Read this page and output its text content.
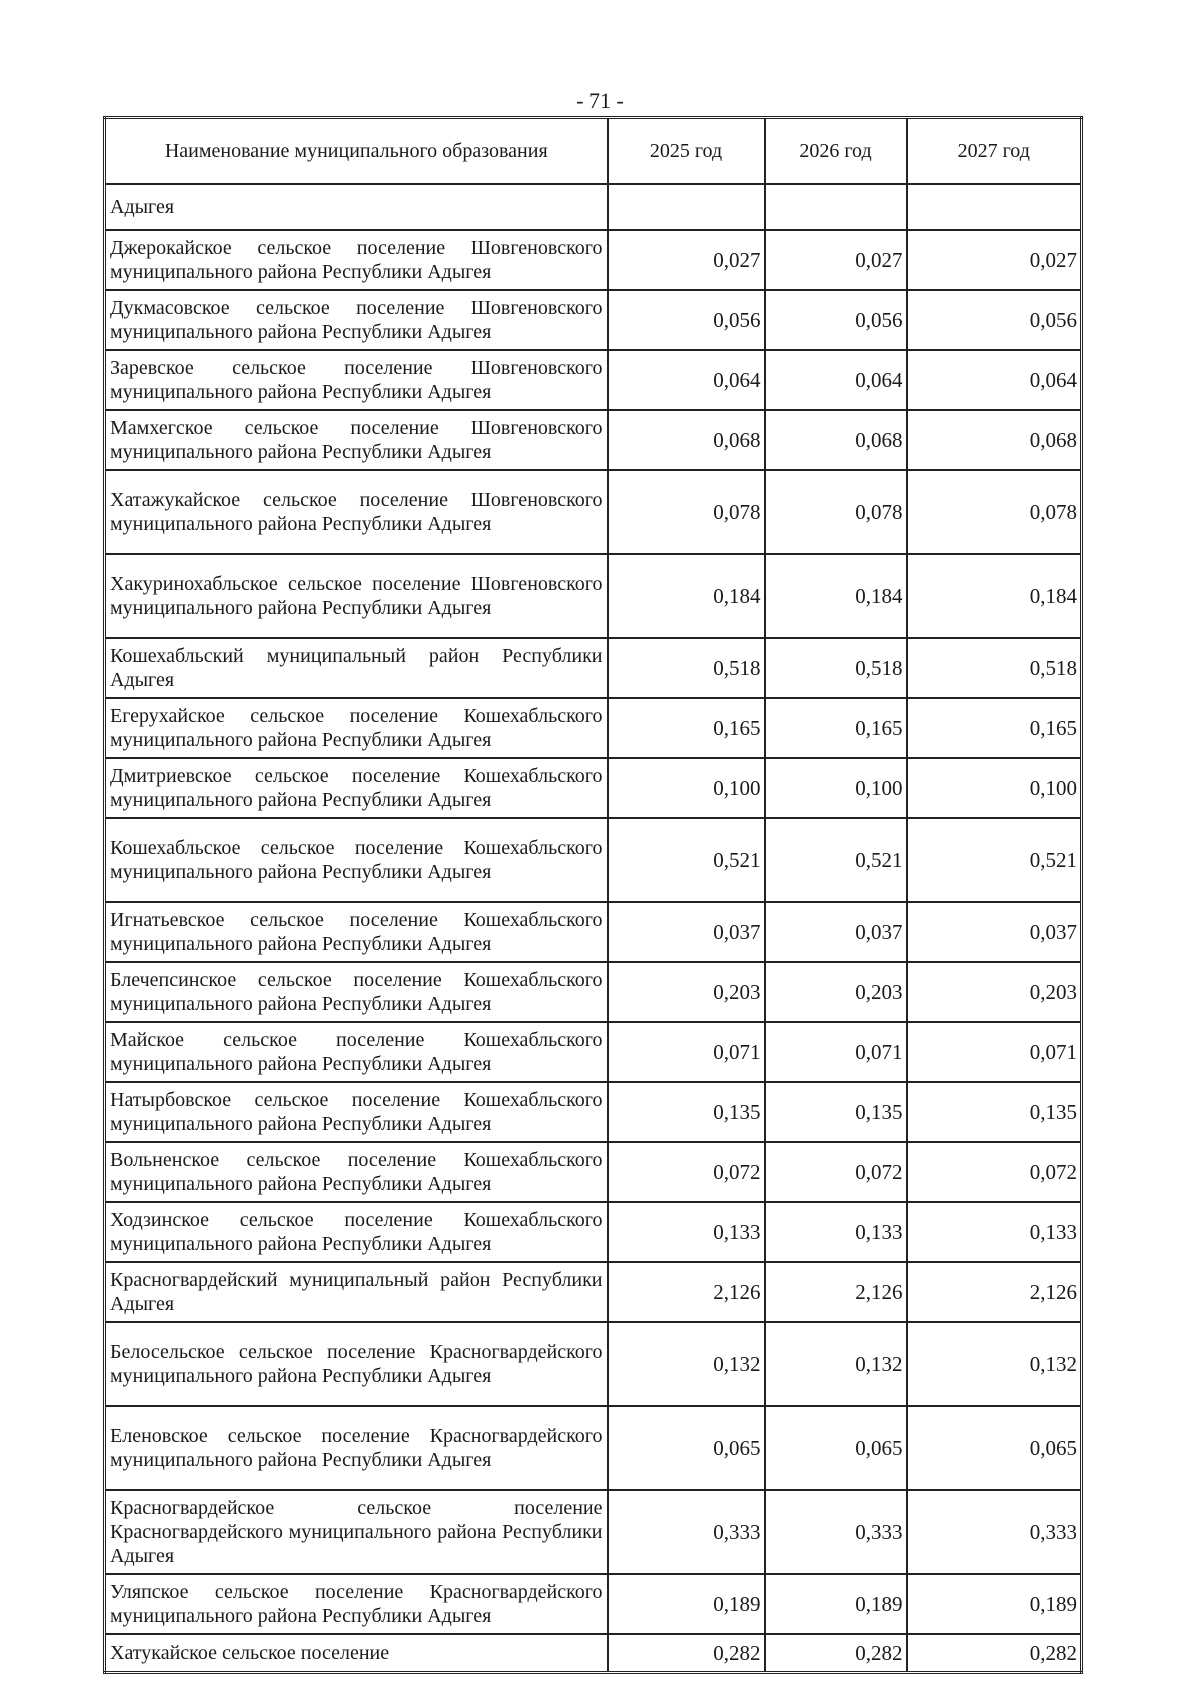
- 71 -
Наименование муниципального образования	2025 год	2026 год	2027 год
Адыгея			
Джерокайское сельское поселение Шовгеновского муниципального района Республики Адыгея	0,027	0,027	0,027
Дукмасовское сельское поселение Шовгеновского муниципального района Республики Адыгея	0,056	0,056	0,056
Заревское сельское поселение Шовгеновского муниципального района Республики Адыгея	0,064	0,064	0,064
Мамхегское сельское поселение Шовгеновского муниципального района Республики Адыгея	0,068	0,068	0,068
Хатажукайское сельское поселение Шовгеновского муниципального района Республики Адыгея	0,078	0,078	0,078
Хакуринохабльское сельское поселение Шовгеновского муниципального района Республики Адыгея	0,184	0,184	0,184
Кошехабльский муниципальный район Республики Адыгея	0,518	0,518	0,518
Егерухайское сельское поселение Кошехабльского муниципального района Республики Адыгея	0,165	0,165	0,165
Дмитриевское сельское поселение Кошехабльского муниципального района Республики Адыгея	0,100	0,100	0,100
Кошехабльское сельское поселение Кошехабльского муниципального района Республики Адыгея	0,521	0,521	0,521
Игнатьевское сельское поселение Кошехабльского муниципального района Республики Адыгея	0,037	0,037	0,037
Блечепсинское сельское поселение Кошехабльского муниципального района Республики Адыгея	0,203	0,203	0,203
Майское сельское поселение Кошехабльского муниципального района Республики Адыгея	0,071	0,071	0,071
Натырбовское сельское поселение Кошехабльского муниципального района Республики Адыгея	0,135	0,135	0,135
Вольненское сельское поселение Кошехабльского муниципального района Республики Адыгея	0,072	0,072	0,072
Ходзинское сельское поселение Кошехабльского муниципального района Республики Адыгея	0,133	0,133	0,133
Красногвардейский муниципальный район Республики Адыгея	2,126	2,126	2,126
Белосельское сельское поселение Красногвардейского муниципального района Республики Адыгея	0,132	0,132	0,132
Еленовское сельское поселение Красногвардейского муниципального района Республики Адыгея	0,065	0,065	0,065
Красногвардейское сельское поселение Красногвардейского муниципального района Республики Адыгея	0,333	0,333	0,333
Уляпское сельское поселение Красногвардейского муниципального района Республики Адыгея	0,189	0,189	0,189
Хатукайское сельское поселение	0,282	0,282	0,282
